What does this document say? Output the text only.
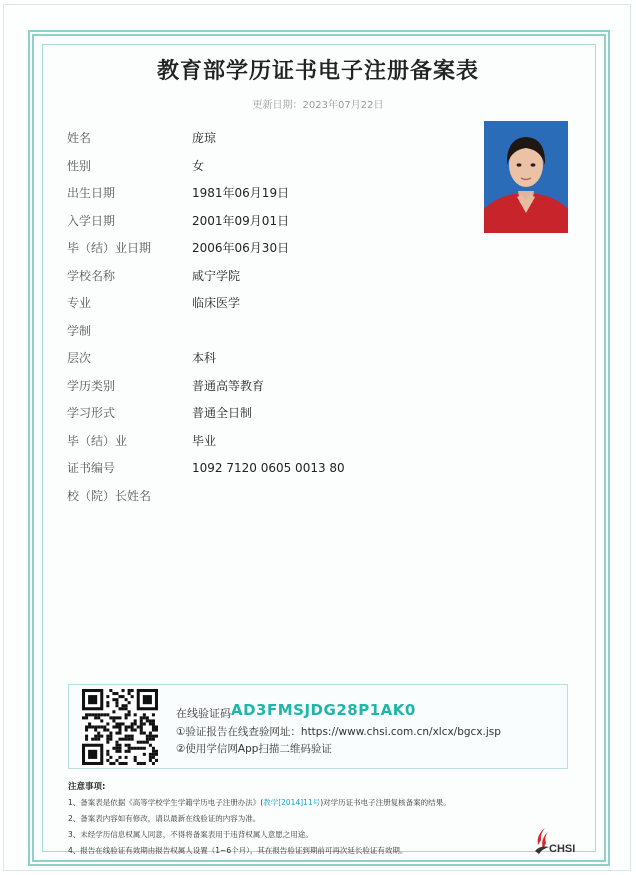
教育部学历证书电子注册备案表
更新日期：2023年07月22日
姓名	庞琼
性别	女
出生日期	1981年06月19日
入学日期	2001年09月01日
毕（结）业日期	2006年06月30日
学校名称	咸宁学院
专业	临床医学
学制
层次	本科
学历类别	普通高等教育
学习形式	普通全日制
毕（结）业	毕业
证书编号	1092 7120 0605 0013 80
校（院）长姓名
在线验证码 AD3FMSJDG28P1AK0
①验证报告在线查验网址：https://www.chsi.com.cn/xlcx/bgcx.jsp
②使用学信网App扫描二维码验证
注意事项:
1、备案表是依据《高等学校学生学籍学历电子注册办法》(教学[2014]11号)对学历证书电子注册复核备案的结果。
2、备案表内容如有修改，请以最新在线验证的内容为准。
3、未经学历信息权属人同意，不得将备案表用于违背权属人意愿之用途。
4、报告在线验证有效期由报告权属人设置（1~6个月），其在报告验证到期前可再次延长验证有效期。	CHSI
